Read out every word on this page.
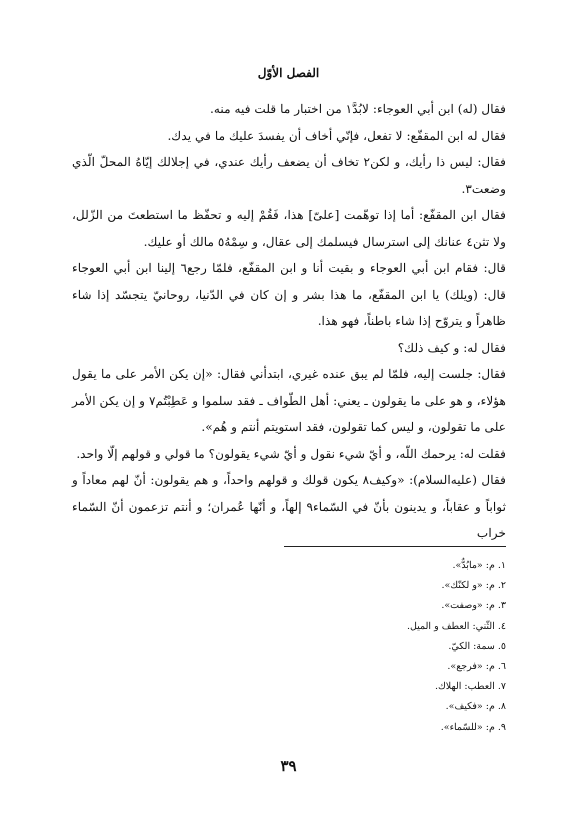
الفصل الأوّل

فقال (له) ابن أبي العوجاء: لابُدَّ١ من اختبار ما قلت فيه منه.

فقال له ابن المقفّع: لا تفعل، فإنّي أخاف أن يفسدَ عليك ما في يدك.

فقال: ليس ذا رأيك، و لكن٢ تخاف أن يضعف رأيك عندي، في إجلالك إيّاهُ المحلّ الّذي وضعت٣.

فقال ابن المقفّع: أما إذا توهّمت [علىّ] هذا، فَقُمْ إليه و تحفّظ ما استطعتَ من الزّلل، ولا تثن٤ عنانك إلى استرسال فيسلمك إلى عقال، و سِمْهُ٥ مالك أو عليك.

قال: فقام ابن أبي العوجاء و بقيت أنا و ابن المقفّع، فلمّا رجع٦ إلينا ابن أبي العوجاء قال: (ويلك) يا ابن المقفّع، ما هذا بشر و إن كان في الدّنيا، روحانيّ يتجسّد إذا شاء ظاهراً و يتروّح إذا شاء باطناً، فهو هذا.

فقال له: و كيف ذلك؟

فقال: جلست إليه، فلمّا لم يبق عنده غيري، ابتدأني فقال: «إن يكن الأمر على ما يقول هؤلاء، و هو على ما يقولون ـ يعني: أهل الطّواف ـ فقد سلموا و عَطِبْتُم٧ و إن يكن الأمر على ما تقولون، و ليس كما تقولون، فقد استويتم أنتم و هُم».

فقلت له: يرحمك اللّه، و أيّ شيء نقول و أيّ شيء يقولون؟ ما قولي و قولهم إلّا واحد.

فقال (عليه‌السلام): «وكيف٨ يكون قولك و قولهم واحداً، و هم يقولون: أنّ لهم معاداً و ثواباً و عقاباً، و يدينون بأنّ في السّماء٩ إلهاً، و أنّها عُمران؛ و أنتم تزعمون أنّ السّماء خراب

١. م: «مابُدٌّ».
٢. م: «و لكنّك».
٣. م: «وصفت».
٤. الثّني: العطف و الميل.
٥. سمة: الكيّ.
٦. م: «فرجع».
٧. العطب: الهلاك.
٨. م: «فكيف».
٩. م: «للسّماء».
٣٩
